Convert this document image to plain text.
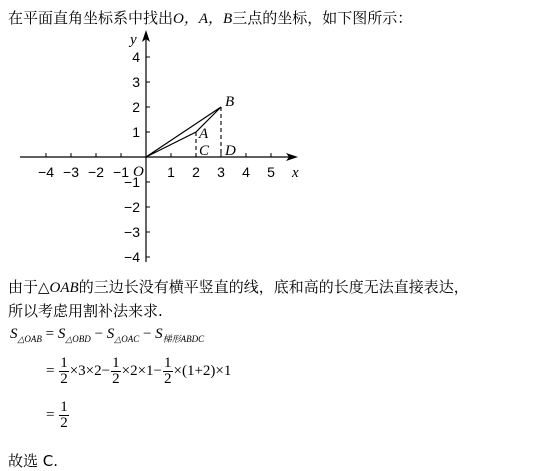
在平面直角坐标系中找出O，A，B三点的坐标，如下图所示：
−4 −3 −2 −1	1 2 3 4 5
4
3
2
1
−1
−2
−3
−4
x
y
O
A
B
C D
由于△OAB的三边长没有横平竖直的线，底和高的长度无法直接表达，
所以考虑用割补法来求.
$S_{\triangle OAB} = S_{\triangle OBD} - S_{\triangle OAC} - S_{梯形ABDC}$
= $\frac{1}{2} \times 3\times 2- \frac{1}{2} \times 2\times 1- \frac{1}{2} \times(1+2)\times 1$
= $\frac{1}{2}$
故选 C.
